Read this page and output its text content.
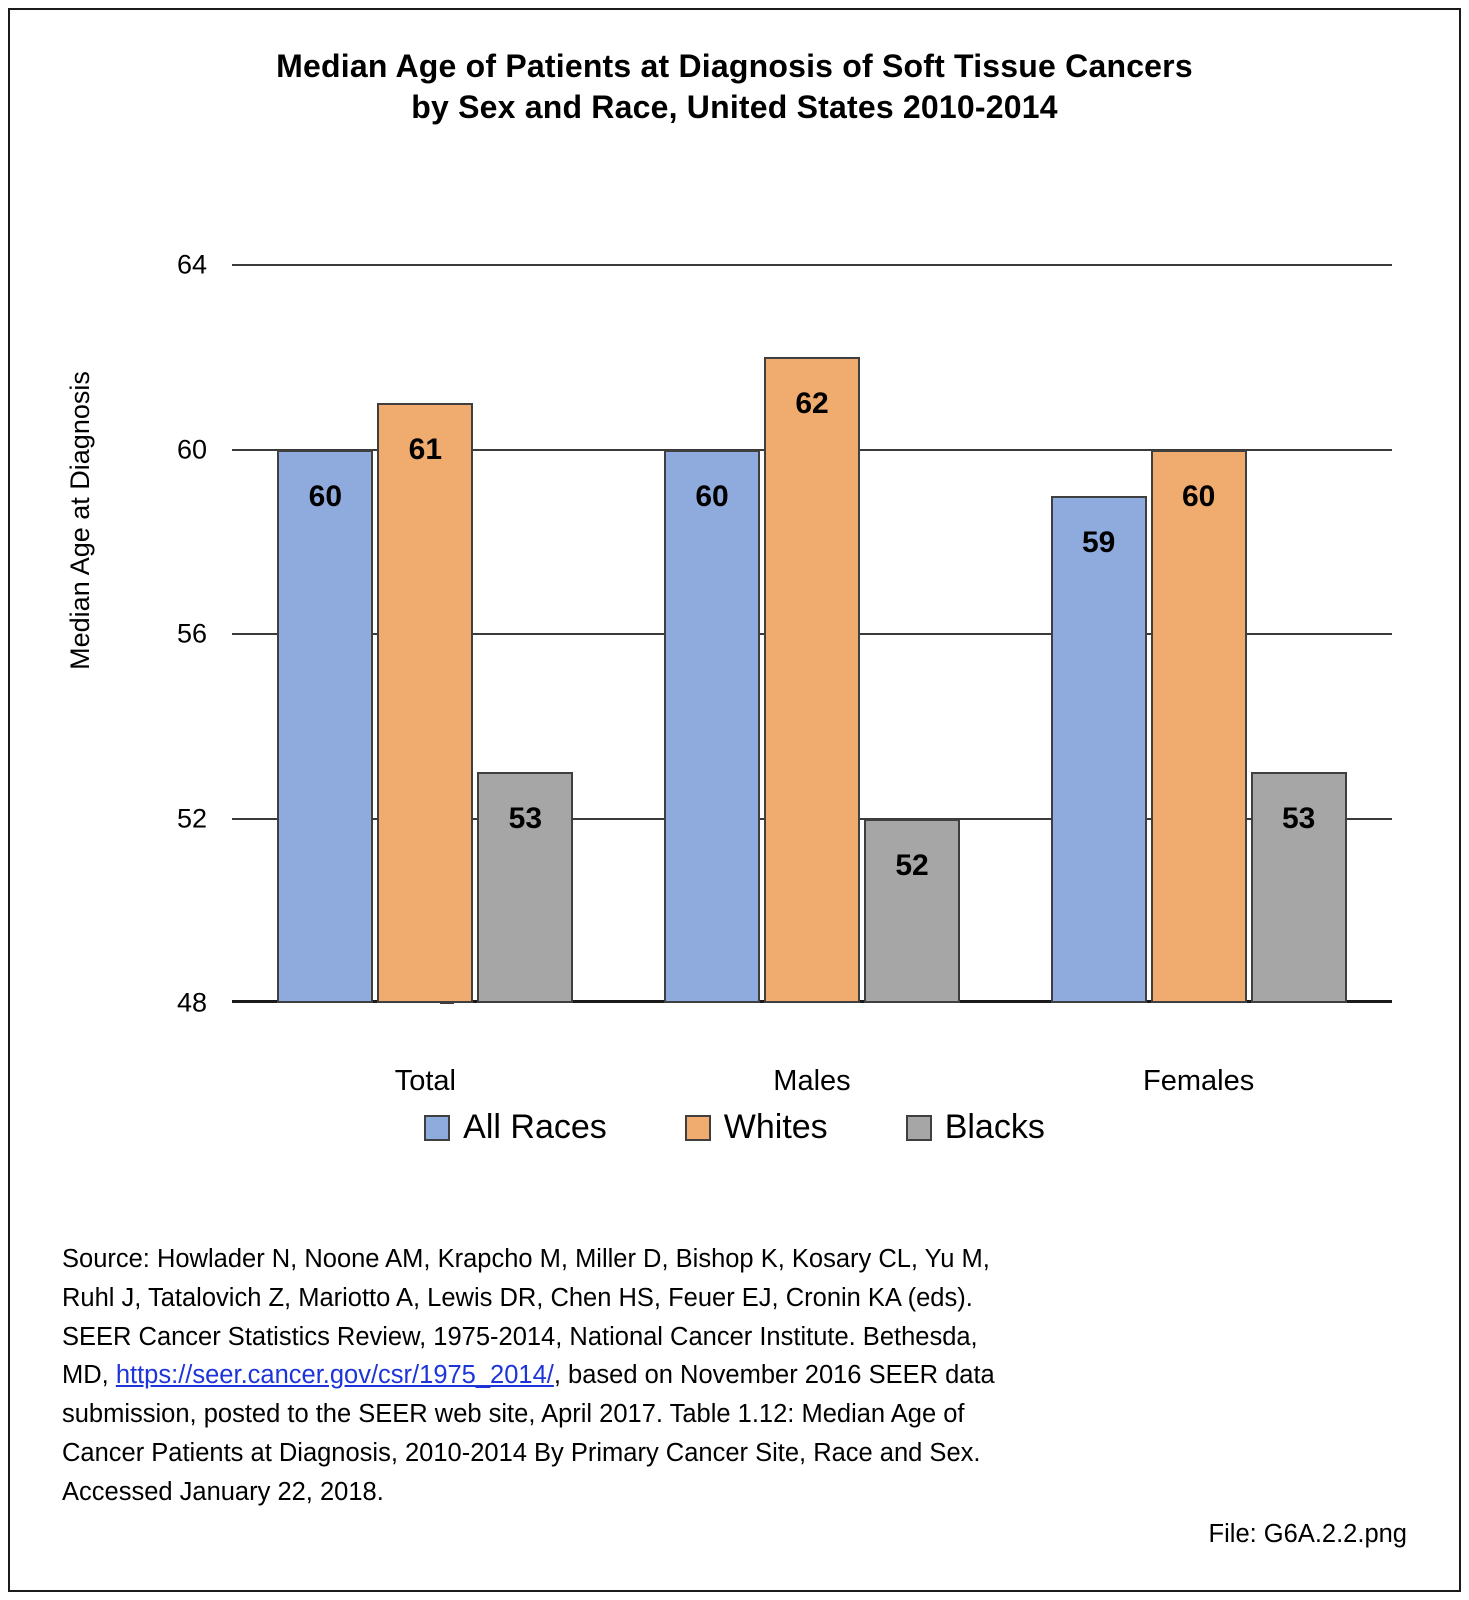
Median Age of Patients at Diagnosis of Soft Tissue Cancers
by Sex and Race, United States 2010-2014
Median Age at Diagnosis
48
52
56
60
64
60
61
53
Total
60
62
52
Males
59
60
53
Females
All Races	Whites	Blacks
Source: Howlader N, Noone AM, Krapcho M, Miller D, Bishop K, Kosary CL, Yu M,
Ruhl J, Tatalovich Z, Mariotto A, Lewis DR, Chen HS, Feuer EJ, Cronin KA (eds).
SEER Cancer Statistics Review, 1975-2014, National Cancer Institute. Bethesda,
MD, https://seer.cancer.gov/csr/1975_2014/, based on November 2016 SEER data
submission, posted to the SEER web site, April 2017. Table 1.12: Median Age of
Cancer Patients at Diagnosis, 2010-2014 By Primary Cancer Site, Race and Sex.
Accessed January 22, 2018.
File: G6A.2.2.png
